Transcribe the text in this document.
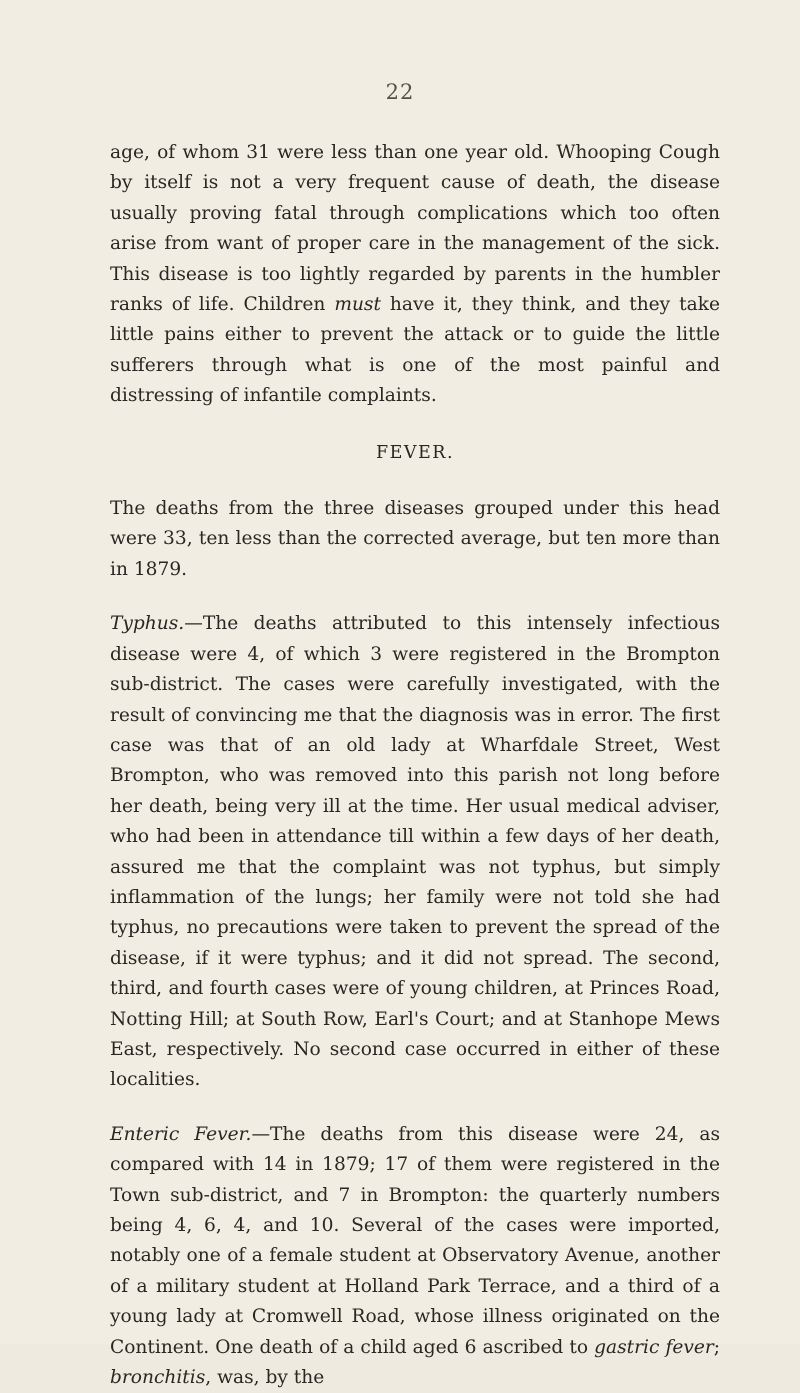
22

age, of whom 31 were less than one year old. Whooping Cough by itself is not a very frequent cause of death, the disease usually proving fatal through complications which too often arise from want of proper care in the management of the sick. This disease is too lightly regarded by parents in the humbler ranks of life. Children must have it, they think, and they take little pains either to prevent the attack or to guide the little sufferers through what is one of the most painful and distressing of infantile complaints.

FEVER.

The deaths from the three diseases grouped under this head were 33, ten less than the corrected average, but ten more than in 1879.

Typhus.—The deaths attributed to this intensely infectious disease were 4, of which 3 were registered in the Brompton sub-district. The cases were carefully investigated, with the result of convincing me that the diagnosis was in error. The first case was that of an old lady at Wharfdale Street, West Brompton, who was removed into this parish not long before her death, being very ill at the time. Her usual medical adviser, who had been in attendance till within a few days of her death, assured me that the complaint was not typhus, but simply inflammation of the lungs; her family were not told she had typhus, no precautions were taken to prevent the spread of the disease, if it were typhus; and it did not spread. The second, third, and fourth cases were of young children, at Princes Road, Notting Hill; at South Row, Earl's Court; and at Stanhope Mews East, respectively. No second case occurred in either of these localities.

Enteric Fever.—The deaths from this disease were 24, as compared with 14 in 1879; 17 of them were registered in the Town sub-district, and 7 in Brompton: the quarterly numbers being 4, 6, 4, and 10. Several of the cases were imported, notably one of a female student at Observatory Avenue, another of a military student at Holland Park Terrace, and a third of a young lady at Cromwell Road, whose illness originated on the Continent. One death of a child aged 6 ascribed to gastric fever; bronchitis, was, by the
